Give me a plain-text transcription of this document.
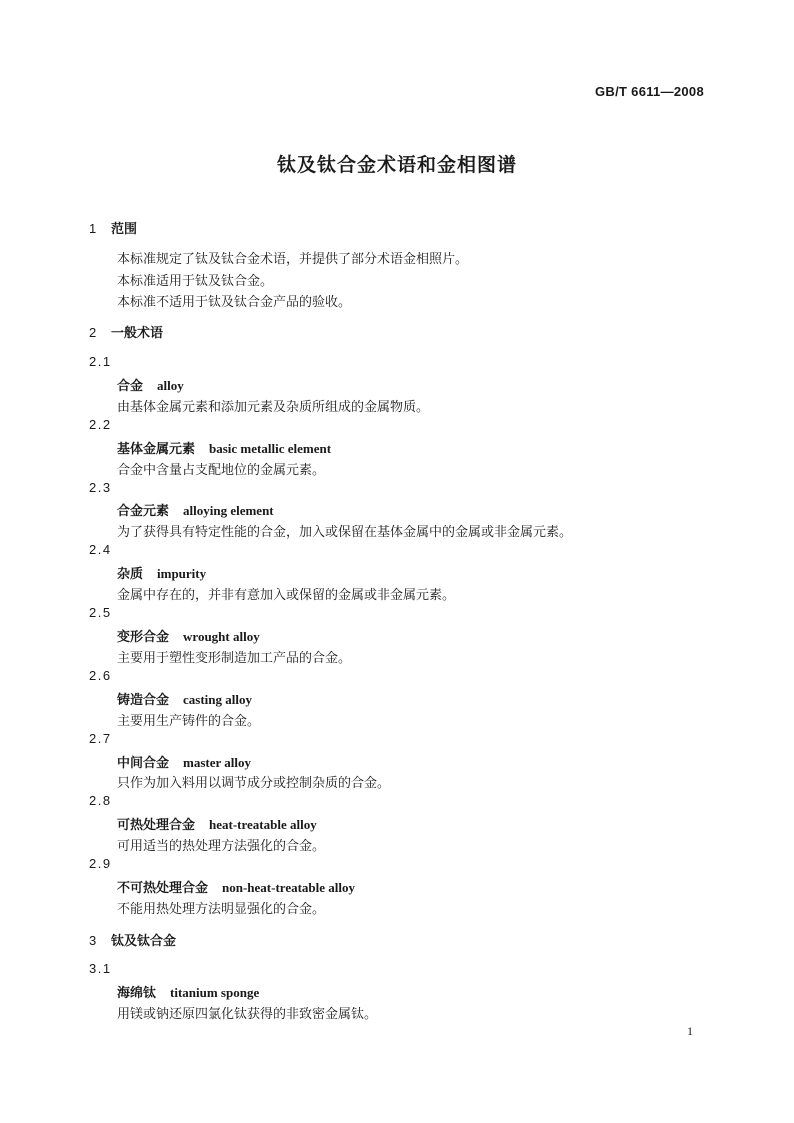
GB/T 6611—2008
钛及钛合金术语和金相图谱
1 范围
本标准规定了钛及钛合金术语，并提供了部分术语金相照片。
本标准适用于钛及钛合金。
本标准不适用于钛及钛合金产品的验收。
2 一般术语
2.1
合金 alloy
由基体金属元素和添加元素及杂质所组成的金属物质。
2.2
基体金属元素 basic metallic element
合金中含量占支配地位的金属元素。
2.3
合金元素 alloying element
为了获得具有特定性能的合金，加入或保留在基体金属中的金属或非金属元素。
2.4
杂质 impurity
金属中存在的，并非有意加入或保留的金属或非金属元素。
2.5
变形合金 wrought alloy
主要用于塑性变形制造加工产品的合金。
2.6
铸造合金 casting alloy
主要用生产铸件的合金。
2.7
中间合金 master alloy
只作为加入料用以调节成分或控制杂质的合金。
2.8
可热处理合金 heat-treatable alloy
可用适当的热处理方法强化的合金。
2.9
不可热处理合金 non-heat-treatable alloy
不能用热处理方法明显强化的合金。
3 钛及钛合金
3.1
海绵钛 titanium sponge
用镁或钠还原四氯化钛获得的非致密金属钛。
1
